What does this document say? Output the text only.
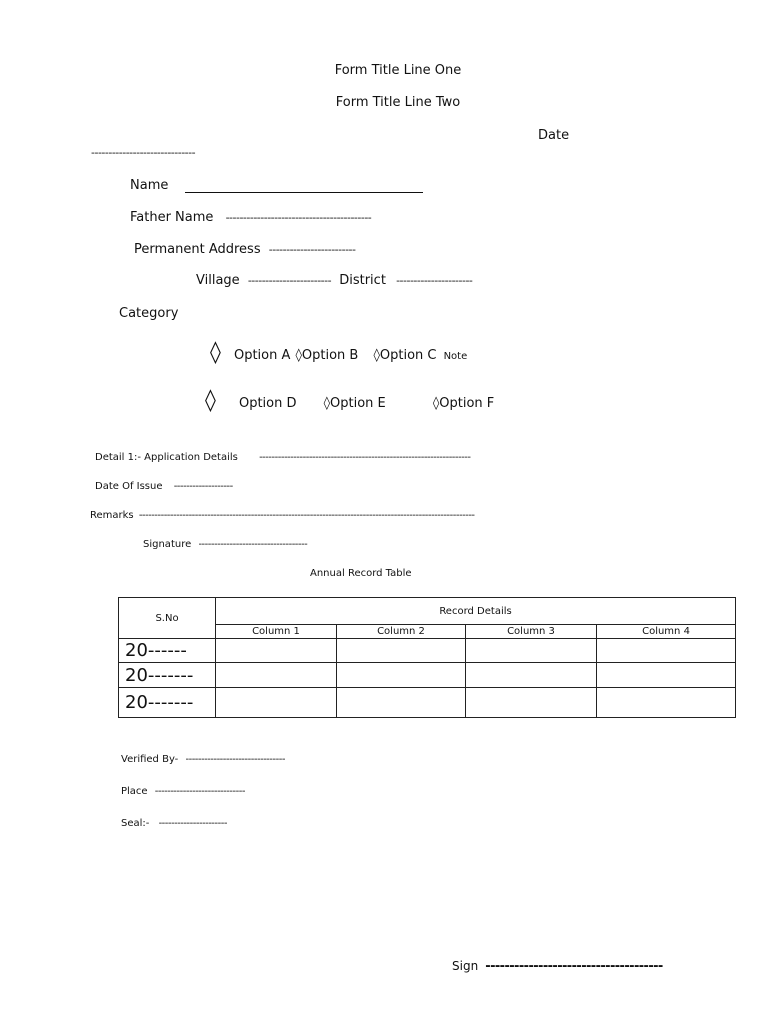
Form Title Line One
Form Title Line Two
Date
------------------------------
Name
Father Name ------------------------------------------
Permanent Address -------------------------
Village ------------------------ District ----------------------
Category
◊ Option A ◊Option B ◊Option C Note
◊ Option D ◊Option E	◊Option F
Detail 1:- Application Details --------------------------------------------------------------------
Date Of Issue -------------------
Remarks ------------------------------------------------------------------------------------------------------------
Signature -----------------------------------
Annual Record Table
S.No	Record Details			
	Column 1	Column 2	Column 3	Column 4
20------				
20-------				
20-------				
Verified By- --------------------------------
Place -----------------------------
Seal:- ----------------------
Sign -------------------------------------
